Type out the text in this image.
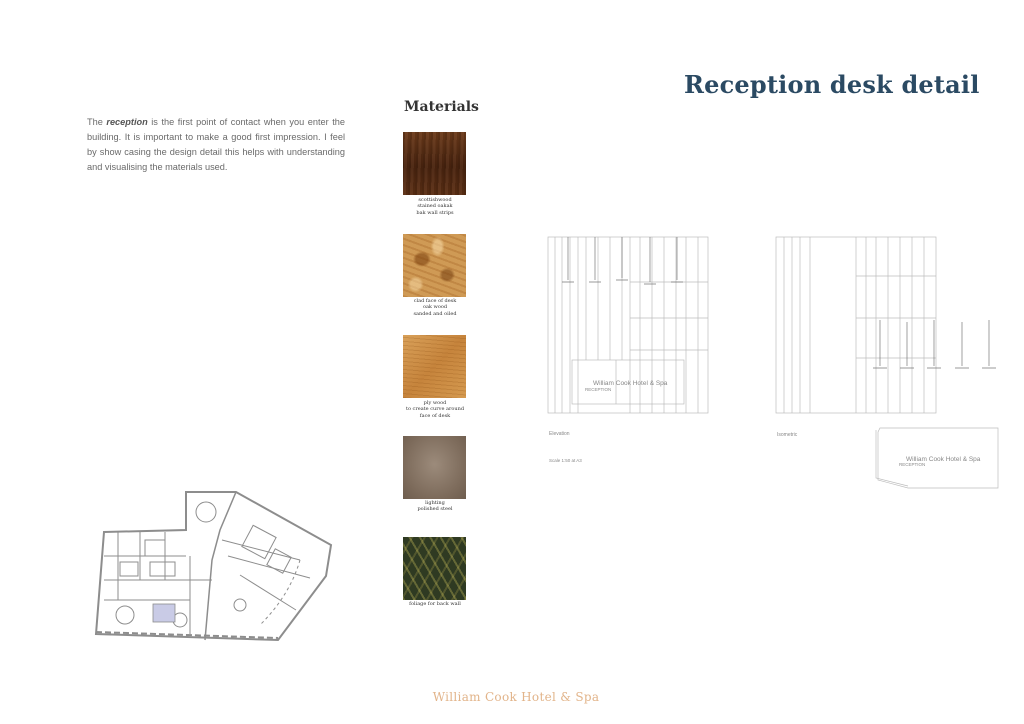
Reception desk detail
The reception is the first point of contact when you enter the building. It is important to make a good first impression. I feel by show casing the design detail this helps with understanding and visualising the materials used.
Materials
scottishwood
stained oakak
bak wall strips
clad face of desk
oak wood
sanded and oiled
ply wood
to create curve around
face of desk
lighting
polished steel
foliage for back wall
William Cook Hotel & Spa
RECEPTION
Elevation
Scale 1:50 at A3
Isometric
William Cook Hotel & Spa
RECEPTION
William Cook Hotel & Spa
